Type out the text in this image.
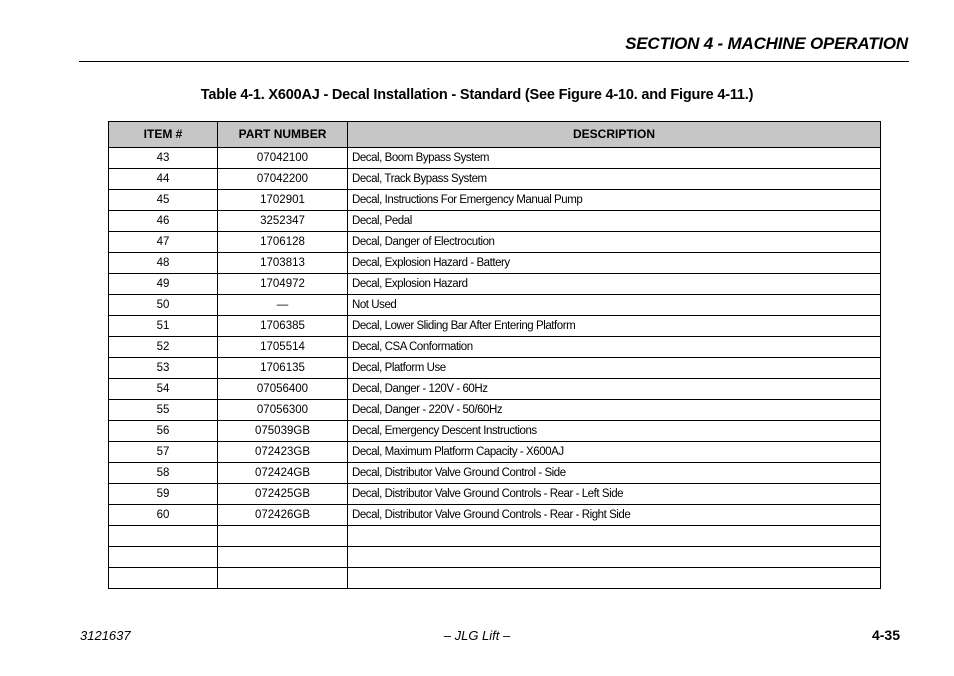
SECTION 4 - MACHINE OPERATION
Table 4-1. X600AJ - Decal Installation - Standard (See Figure 4-10. and Figure 4-11.)
ITEM #	PART NUMBER	DESCRIPTION
43	07042100	Decal, Boom Bypass System
44	07042200	Decal, Track Bypass System
45	1702901	Decal, Instructions For Emergency Manual Pump
46	3252347	Decal, Pedal
47	1706128	Decal, Danger of Electrocution
48	1703813	Decal, Explosion Hazard - Battery
49	1704972	Decal, Explosion Hazard
50	—	Not Used
51	1706385	Decal, Lower Sliding Bar After Entering Platform
52	1705514	Decal, CSA Conformation
53	1706135	Decal, Platform Use
54	07056400	Decal, Danger - 120V - 60Hz
55	07056300	Decal, Danger - 220V - 50/60Hz
56	075039GB	Decal, Emergency Descent Instructions
57	072423GB	Decal, Maximum Platform Capacity - X600AJ
58	072424GB	Decal, Distributor Valve Ground Control - Side
59	072425GB	Decal, Distributor Valve Ground Controls - Rear - Left Side
60	072426GB	Decal, Distributor Valve Ground Controls - Rear - Right Side

3121637	– JLG Lift –	4-35
